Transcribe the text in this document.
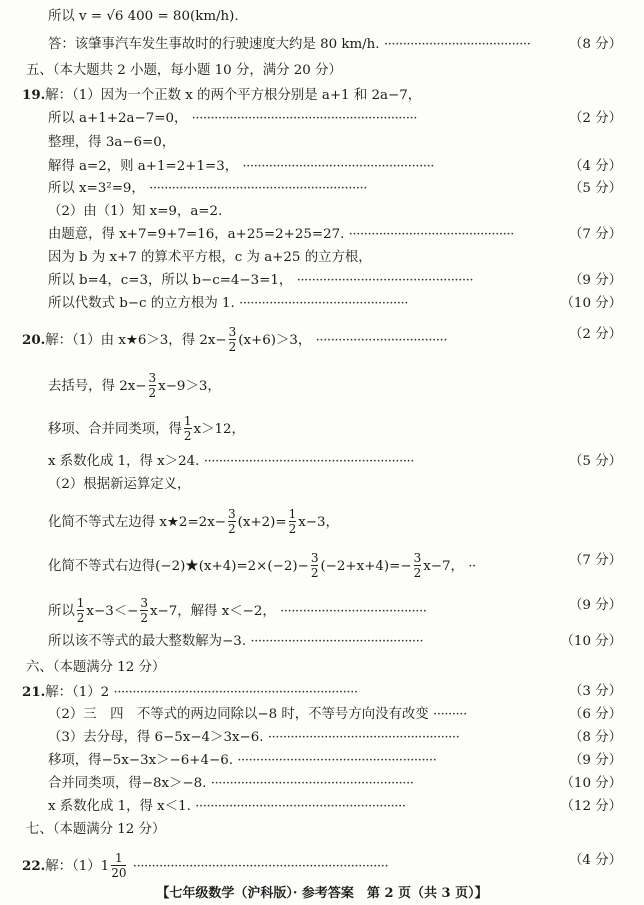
所以 v = √6 400 = 80(km/h).
答：该肇事汽车发生事故时的行驶速度大约是 80 km/h. ·······································	（8 分）
五、（本大题共 2 小题，每小题 10 分，满分 20 分）
19.解：（1）因为一个正数 x 的两个平方根分别是 a+1 和 2a−7，
所以 a+1+2a−7=0， ····························································	（2 分）
整理，得 3a−6=0，
解得 a=2，则 a+1=2+1=3， ···················································	（4 分）
所以 x=3²=9， ··························································	（5 分）
（2）由（1）知 x=9，a=2.
由题意，得 x+7=9+7=16，a+25=2+25=27. ············································	（7 分）
因为 b 为 x+7 的算术平方根，c 为 a+25 的立方根，
所以 b=4，c=3，所以 b−c=4−3=1， ···············································	（9 分）
所以代数式 b−c 的立方根为 1. ·············································	（10 分）
20.解：（1）由 x★6＞3，得 $2x- \frac{3}{2} (x+6)>3$， ···································	（2 分）
去括号，得 $2x- \frac{3}{2} x-9>3$，
移项、合并同类项，得 $\frac{1}{2} x>12$，
x 系数化成 1，得 x＞24. ························································	（5 分）
（2）根据新运算定义，
化简不等式左边得 x★2=2x− $\frac{3}{2} (x+2)= \frac{1}{2} x-3$，
化简不等式右边得(−2)★(x+4)=2×(−2)− $\frac{3}{2} (-2+x+4)=- \frac{3}{2} x-7$， ··	（7 分）
所以 $\frac{1}{2} x-3<- \frac{3}{2} x-7$，解得 x＜−2， ·······································	（9 分）
所以该不等式的最大整数解为−3. ··············································	（10 分）
六、（本题满分 12 分）
21.解：（1）2 ·································································	（3 分）
（2）三　四　不等式的两边同除以−8 时，不等号方向没有改变 ·········	（6 分）
（3）去分母，得 6−5x−4＞3x−6. ···················································	（8 分）
移项，得−5x−3x＞−6+4−6. ·····················································	（9 分）
合并同类项，得−8x＞−8. ······················································	（10 分）
x 系数化成 1，得 x＜1. ························································	（12 分）
七、（本题满分 12 分）
22.解：$(1)1 \frac{1}{20}$ ····································································	（4 分）
【七年级数学（沪科版）· 参考答案　第 2 页（共 3 页）】
